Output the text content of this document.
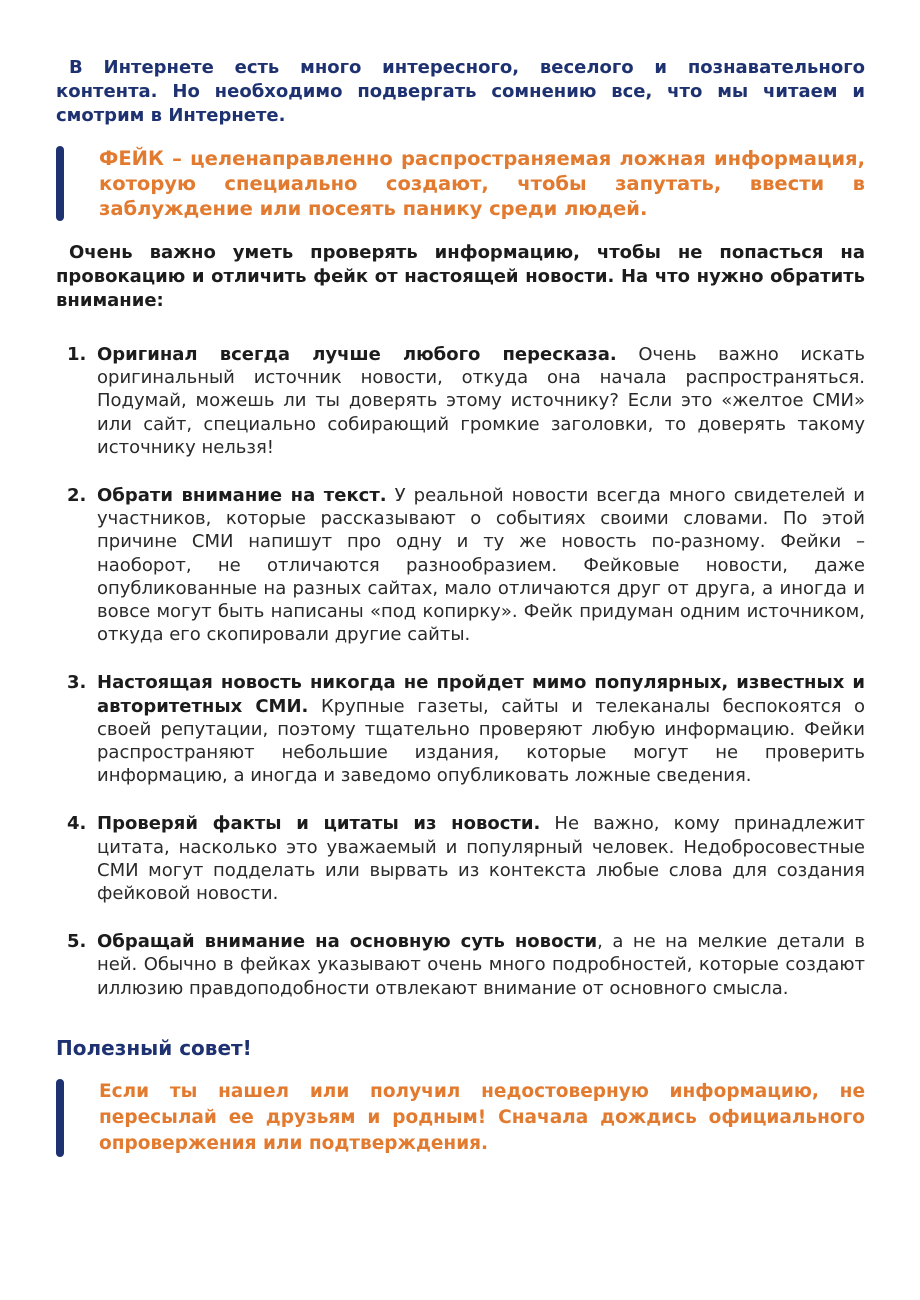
В Интернете есть много интересного, веселого и познавательного контента. Но необходимо подвергать сомнению все, что мы читаем и смотрим в Интернете.

ФЕЙК – целенаправленно распространяемая ложная информация, которую специально создают, чтобы запутать, ввести в заблуждение или посеять панику среди людей.

Очень важно уметь проверять информацию, чтобы не попасться на провокацию и отличить фейк от настоящей новости. На что нужно обратить внимание:

1. Оригинал всегда лучше любого пересказа. Очень важно искать оригинальный источник новости, откуда она начала распространяться. Подумай, можешь ли ты доверять этому источнику? Если это «желтое СМИ» или сайт, специально собирающий громкие заголовки, то доверять такому источнику нельзя!
2. Обрати внимание на текст. У реальной новости всегда много свидетелей и участников, которые рассказывают о событиях своими словами. По этой причине СМИ напишут про одну и ту же новость по-разному. Фейки – наоборот, не отличаются разнообразием. Фейковые новости, даже опубликованные на разных сайтах, мало отличаются друг от друга, а иногда и вовсе могут быть написаны «под копирку». Фейк придуман одним источником, откуда его скопировали другие сайты.
3. Настоящая новость никогда не пройдет мимо популярных, известных и авторитетных СМИ. Крупные газеты, сайты и телеканалы беспокоятся о своей репутации, поэтому тщательно проверяют любую информацию. Фейки распространяют небольшие издания, которые могут не проверить информацию, а иногда и заведомо опубликовать ложные сведения.
4. Проверяй факты и цитаты из новости. Не важно, кому принадлежит цитата, насколько это уважаемый и популярный человек. Недобросовестные СМИ могут подделать или вырвать из контекста любые слова для создания фейковой новости.
5. Обращай внимание на основную суть новости, а не на мелкие детали в ней. Обычно в фейках указывают очень много подробностей, которые создают иллюзию правдоподобности отвлекают внимание от основного смысла.
Полезный совет!

Если ты нашел или получил недостоверную информацию, не пересылай ее друзьям и родным! Сначала дождись официального опровержения или подтверждения.
